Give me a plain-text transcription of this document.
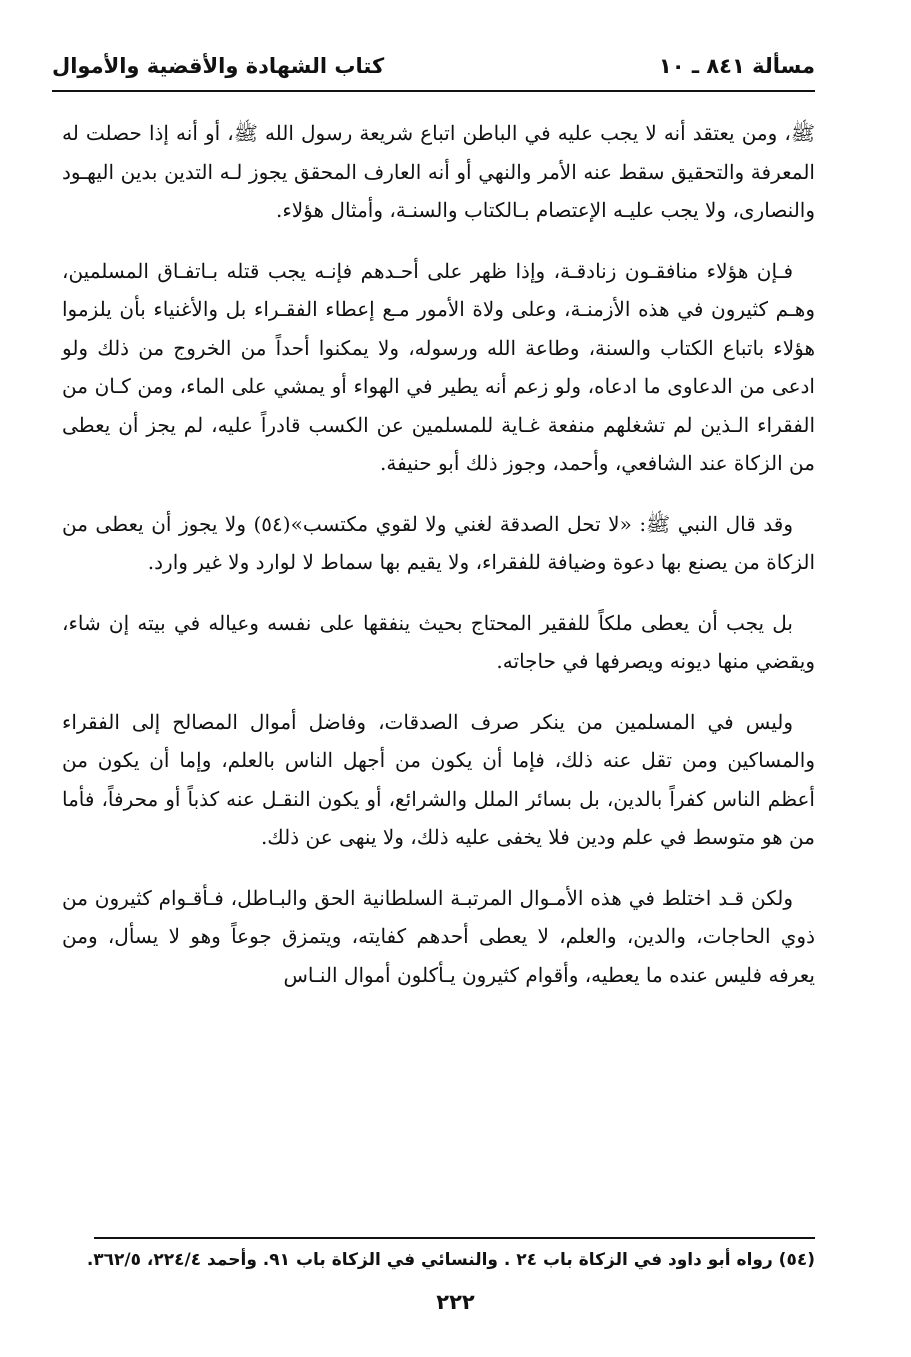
مسألة ٨٤١ ـ ١٠
كتاب الشهادة والأقضية والأموال

ﷺ، ومن يعتقد أنه لا يجب عليه في الباطن اتباع شريعة رسول الله ﷺ، أو أنه إذا حصلت له المعرفة والتحقيق سقط عنه الأمر والنهي أو أنه العارف المحقق يجوز لـه التدين بدين اليهـود والنصارى، ولا يجب عليـه الإعتصام بـالكتاب والسنـة، وأمثال هؤلاء.

فـإن هؤلاء منافقـون زنادقـة، وإذا ظهر على أحـدهم فإنـه يجب قتله بـاتفـاق المسلمين، وهـم كثيرون في هذه الأزمنـة، وعلى ولاة الأمور مـع إعطاء الفقـراء بل والأغنياء بأن يلزموا هؤلاء باتباع الكتاب والسنة، وطاعة الله ورسوله، ولا يمكنوا أحداً من الخروج من ذلك ولو ادعى من الدعاوى ما ادعاه، ولو زعم أنه يطير في الهواء أو يمشي على الماء، ومن كـان من الفقراء الـذين لم تشغلهم منفعة غـاية للمسلمين عن الكسب قادراً عليه، لم يجز أن يعطى من الزكاة عند الشافعي، وأحمد، وجوز ذلك أبو حنيفة.

وقد قال النبي ﷺ: «لا تحل الصدقة لغني ولا لقوي مكتسب»(٥٤) ولا يجوز أن يعطى من الزكاة من يصنع بها دعوة وضيافة للفقراء، ولا يقيم بها سماط لا لوارد ولا غير وارد.

بل يجب أن يعطى ملكاً للفقير المحتاج بحيث ينفقها على نفسه وعياله في بيته إن شاء، ويقضي منها ديونه ويصرفها في حاجاته.

وليس في المسلمين من ينكر صرف الصدقات، وفاضل أموال المصالح إلى الفقراء والمساكين ومن تقل عنه ذلك، فإما أن يكون من أجهل الناس بالعلم، وإما أن يكون من أعظم الناس كفراً بالدين، بل بسائر الملل والشرائع، أو يكون النقـل عنه كذباً أو محرفاً، فأما من هو متوسط في علم ودين فلا يخفى عليه ذلك، ولا ينهى عن ذلك.

ولكن قـد اختلط في هذه الأمـوال المرتبـة السلطانية الحق والبـاطل، فـأقـوام كثيرون من ذوي الحاجات، والدين، والعلم، لا يعطى أحدهم كفايته، ويتمزق جوعاً وهو لا يسأل، ومن يعرفه فليس عنده ما يعطيه، وأقوام كثيرون يـأكلون أموال النـاس

(٥٤) رواه أبو داود في الزكاة باب ٢٤ . والنسائي في الزكاة باب ٩١. وأحمد ٢٢٤/٤، ٣٦٢/٥.
٢٢٢
